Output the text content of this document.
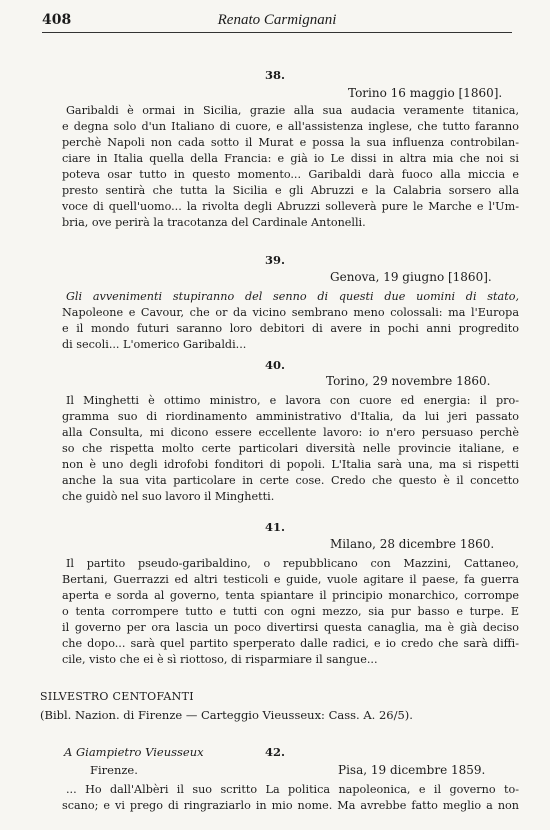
408	Renato Carmignani
38.
Torino 16 maggio [1860].
Garibaldi è ormai in Sicilia, grazie alla sua audacia veramente titanica,
e degna solo d'un Italiano di cuore, e all'assistenza inglese, che tutto faranno
perchè Napoli non cada sotto il Murat e possa la sua influenza controbilan-
ciare in Italia quella della Francia: e già io Le dissi in altra mia che noi si
poteva osar tutto in questo momento... Garibaldi darà fuoco alla miccia e
presto sentirà che tutta la Sicilia e gli Abruzzi e la Calabria sorsero alla
voce di quell'uomo... la rivolta degli Abruzzi solleverà pure le Marche e l'Um-
bria, ove perirà la tracotanza del Cardinale Antonelli.
39.
Genova, 19 giugno [1860].
Gli avvenimenti stupiranno del senno di questi due uomini di stato,
Napoleone e Cavour, che or da vicino sembrano meno colossali: ma l'Europa
e il mondo futuri saranno loro debitori di avere in pochi anni progredito
di secoli... L'omerico Garibaldi...
40.
Torino, 29 novembre 1860.
Il Minghetti è ottimo ministro, e lavora con cuore ed energia: il pro-
gramma suo di riordinamento amministrativo d'Italia, da lui jeri passato
alla Consulta, mi dicono essere eccellente lavoro: io n'ero persuaso perchè
so che rispetta molto certe particolari diversità nelle provincie italiane, e
non è uno degli idrofobi fonditori di popoli. L'Italia sarà una, ma si rispetti
anche la sua vita particolare in certe cose. Credo che questo è il concetto
che guidò nel suo lavoro il Minghetti.
41.
Milano, 28 dicembre 1860.
Il partito pseudo-garibaldino, o repubblicano con Mazzini, Cattaneo,
Bertani, Guerrazzi ed altri testicoli e guide, vuole agitare il paese, fa guerra
aperta e sorda al governo, tenta spiantare il principio monarchico, corrompe
o tenta corrompere tutto e tutti con ogni mezzo, sia pur basso e turpe. E
il governo per ora lascia un poco divertirsi questa canaglia, ma è già deciso
che dopo... sarà quel partito sperperato dalle radici, e io credo che sarà diffi-
cile, visto che ei è sì riottoso, di risparmiare il sangue...
SILVESTRO CENTOFANTI
(Bibl. Nazion. di Firenze — Carteggio Vieusseux: Cass. A. 26/5).
A Giampietro Vieusseux	42.
Firenze.	Pisa, 19 dicembre 1859.
... Ho dall'Albèri il suo scritto La politica napoleonica, e il governo to-
scano; e vi prego di ringraziarlo in mio nome. Ma avrebbe fatto meglio a non
